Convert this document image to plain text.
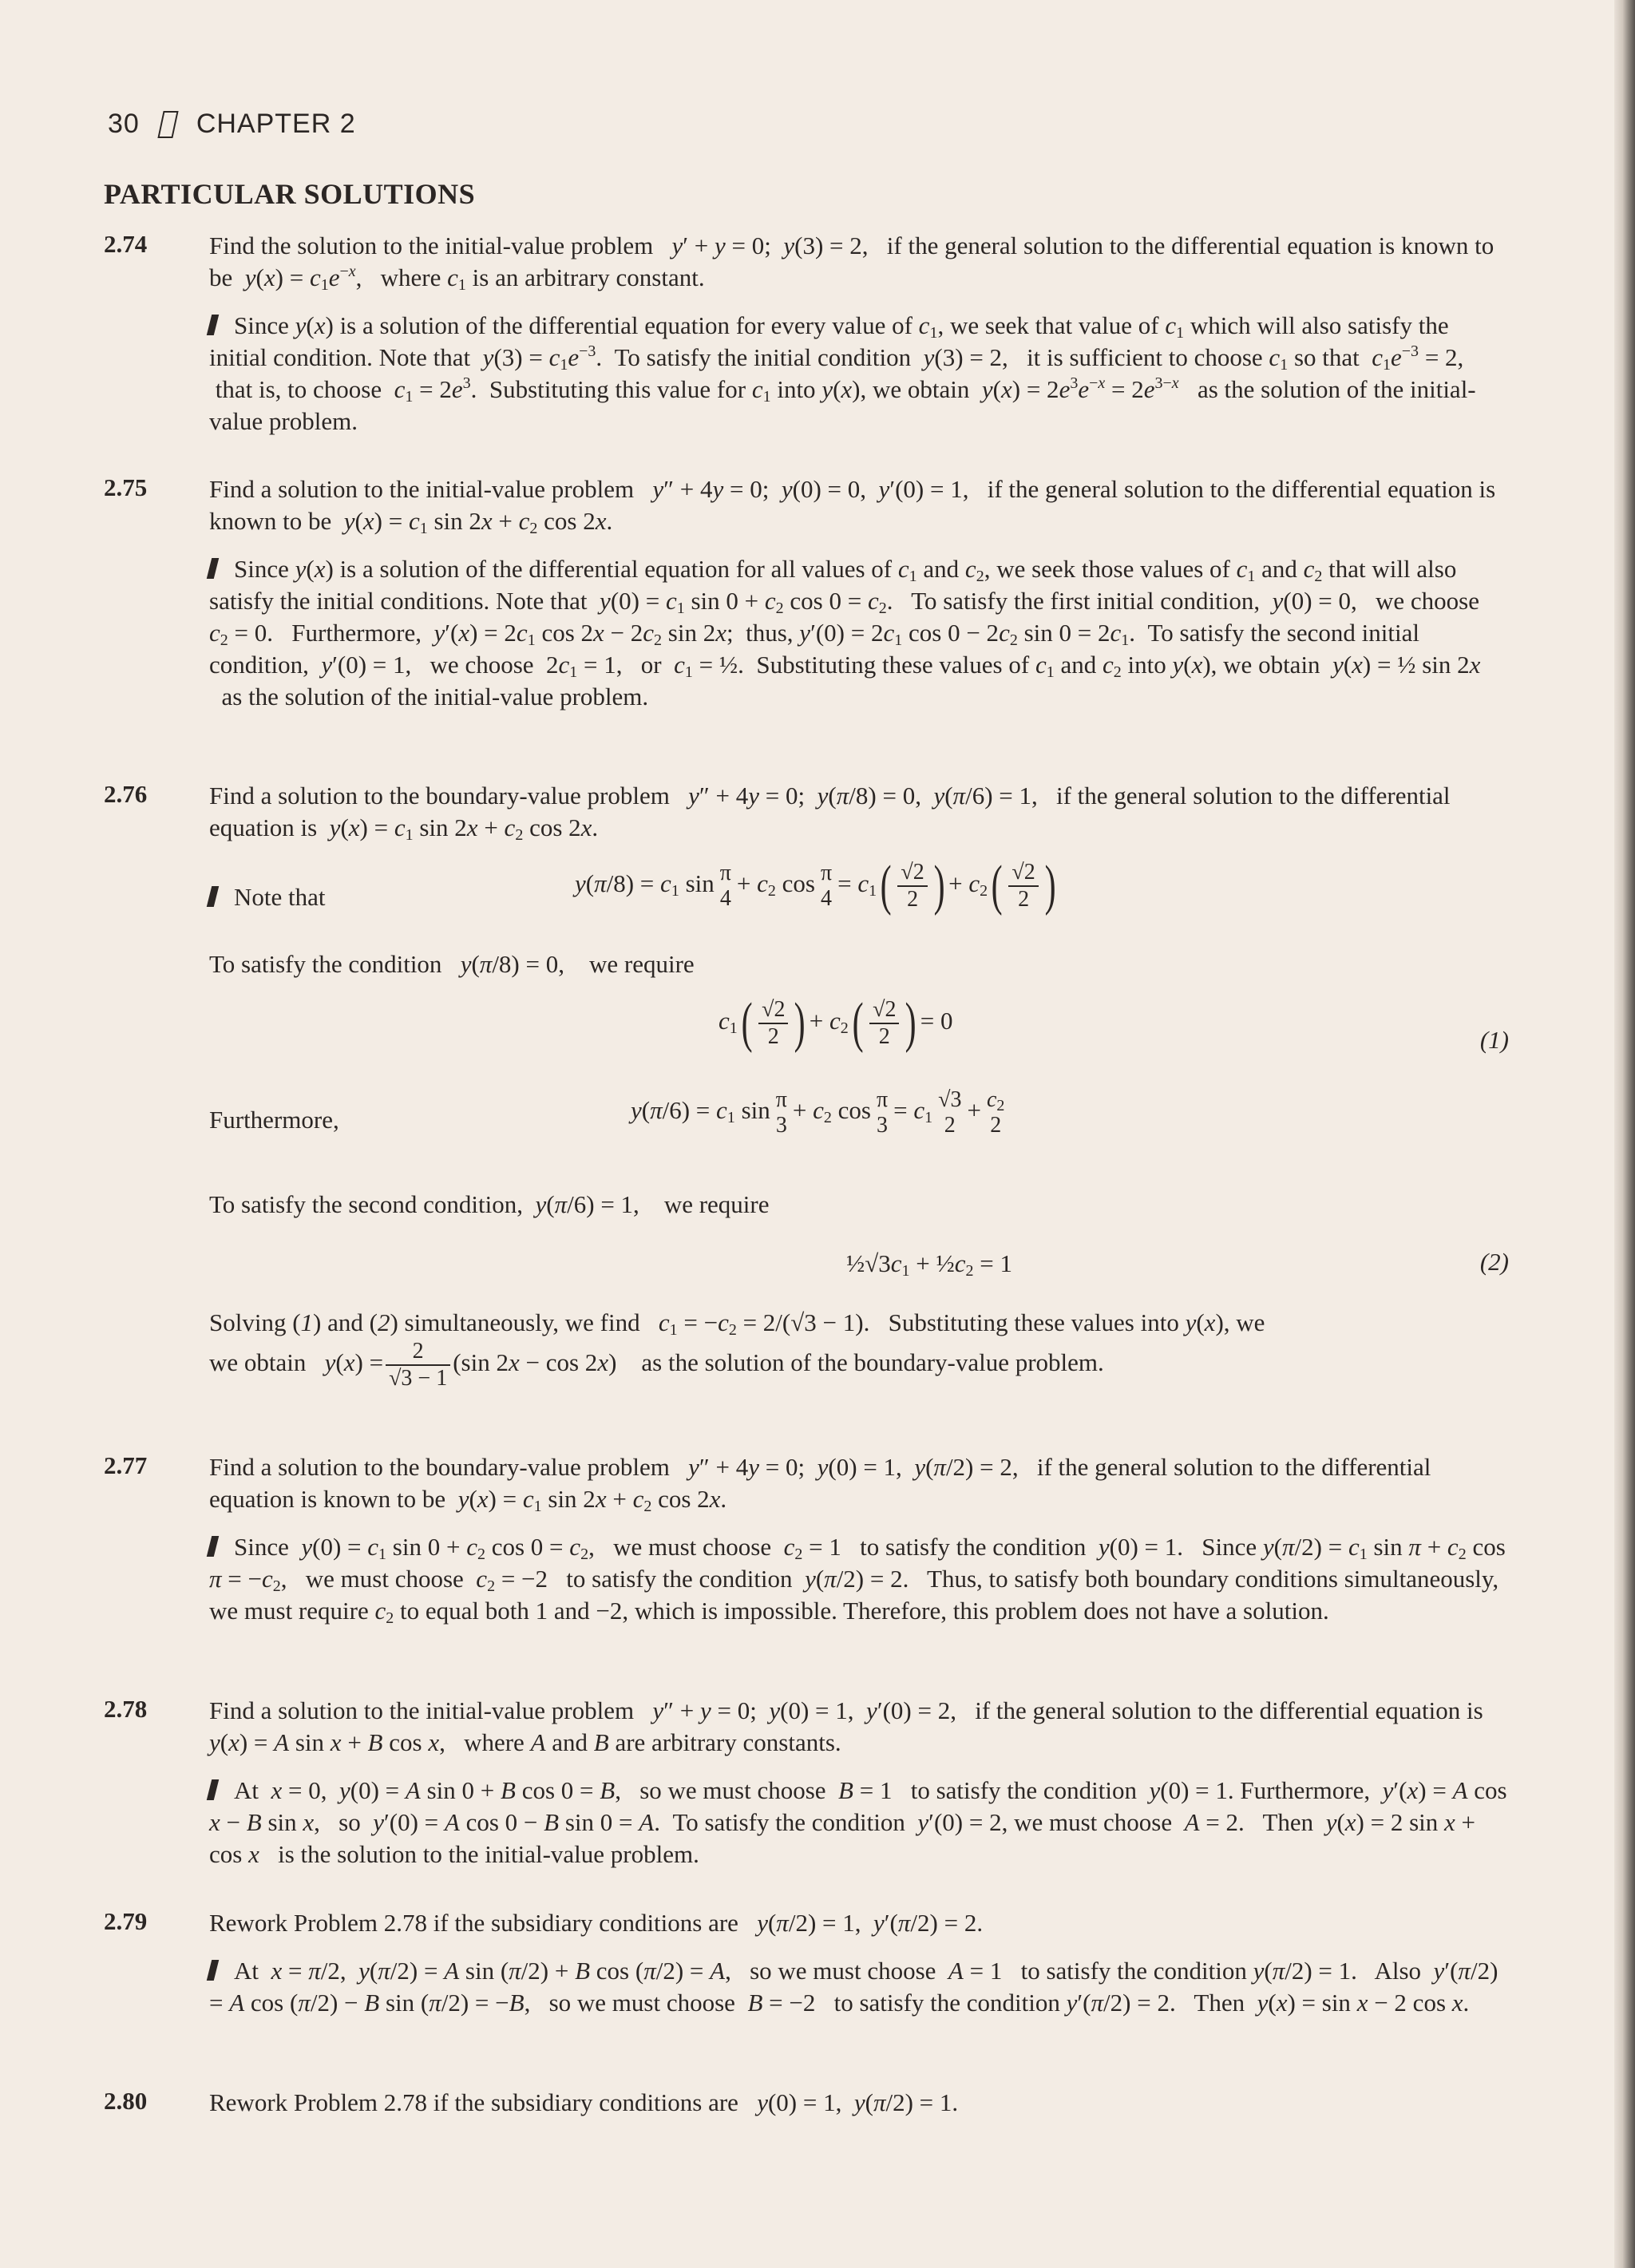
30 CHAPTER 2
PARTICULAR SOLUTIONS
2.74	Find the solution to the initial-value problem y′ + y = 0;  y(3) = 2,   if the general solution to the differential equation is known to be $y(x) = c_1e^{-x}$,   where $c_1$ is an arbitrary constant.

Since y(x) is a solution of the differential equation for every value of $c_1$, we seek that value of $c_1$ which will also satisfy the initial condition. Note that $y(3) = c_1e^{-3}$.  To satisfy the initial condition y(3) = 2,   it is sufficient to choose $c_1$ so that $c_1e^{-3} = 2$,  that is, to choose $c_1 = 2e^3$.  Substituting this value for $c_1$ into y(x), we obtain $y(x) = 2e^3e^{-x} = 2e^{3-x}$ as the solution of the initial-value problem.

2.75	Find a solution to the initial-value problem y″ + 4y = 0;  y(0) = 0,  y′(0) = 1,   if the general solution to the differential equation is known to be $y(x) = c_1$ $\sin 2x + c_2$ cos 2x.

Since y(x) is a solution of the differential equation for all values of $c_1$ and $c_2$, we seek those values of $c_1$ and $c_2$ that will also satisfy the initial conditions. Note that $y(0) = c_1$ $\sin 0 + c_2$ $\cos 0 = c_2$.   To satisfy the first initial condition, y(0) = 0,   we choose  $c_2 = 0$.   Furthermore, $y'(x) = 2c_1$ $\cos 2x - 2c_2$ sin 2x;  thus, $y'(0) = 2c_1$ $\cos 0 - 2c_2$ $\sin 0 = 2c_1$.  To satisfy the second initial condition, y′(0) = 1,   we choose  $2c_1 = 1$,   or $c_1$ = ½.  Substituting these values of $c_1$ and $c_2$ into y(x), we obtain y(x) = ½ sin 2x   as the solution of the initial-value problem.

2.76	Find a solution to the boundary-value problem y″ + 4y = 0;  y(π/8) = 0,  y(π/6) = 1,   if the general solution to the differential equation is $y(x) = c_1$ $\sin 2x + c_2$ cos 2x.

Note that	$y(\pi/8) = c_1$ sin π
4
+ $c_2$ cos π
4
= $c_1( \frac{√2}{2}$ ) + $c_2( \frac{√2}{2}$ )
To satisfy the condition y(π/8) = 0,    we require
$c_1( \frac{√2}{2}$ ) + $c_2( \frac{√2}{2}$ ) = 0
(1)
Furthermore,	$y(\pi/6) = c_1$ sin π
3
+ $c_2$ cos π
3
= $c_1$
√3
2
+ $c_2$
2
To satisfy the second condition, y(π/6) = 1,    we require
$\frac{1}{2}√3c_1$ + $\frac{1}{2}c_2 = 1$	(2)
Solving (1) and (2) simultaneously, we find $c_1 = -c_2 = 2/(√3 - 1)$.   Substituting these values into y(x), we
we obtain $y(x) = \frac{2}{√3 - 1} (\sin$ 2x − cos 2x)    as the solution of the boundary-value problem.
2.77	Find a solution to the boundary-value problem y″ + 4y = 0;  y(0) = 1,  y(π/2) = 2,   if the general solution to the differential equation is known to be $y(x) = c_1$ $\sin 2x + c_2$ cos 2x.

Since $y(0) = c_1$ $\sin 0 + c_2$ $\cos 0 = c_2$,   we must choose $c_2 = 1$   to satisfy the condition y(0) = 1.   Since $y(\pi/2) = c_1$ $\sin \pi + c_2$ $\cos \pi = -c_2$,   we must choose $c_2 = -2$   to satisfy the condition y(π/2) = 2.   Thus, to satisfy both boundary conditions simultaneously, we must require $c_2$ to equal both 1 and −2, which is impossible. Therefore, this problem does not have a solution.

2.78	Find a solution to the initial-value problem y″ + y = 0;  y(0) = 1,  y′(0) = 2,   if the general solution to the differential equation is y(x) = A sin x + B cos x,   where A and B are arbitrary constants.

At x = 0,  y(0) = A sin 0 + B cos 0 = B,   so we must choose B = 1   to satisfy the condition y(0) = 1. Furthermore, y′(x) = A cos x − B sin x,   so y′(0) = A cos 0 − B sin 0 = A.  To satisfy the condition y′(0) = 2, we must choose A = 2.   Then y(x) = 2 sin x + cos x is the solution to the initial-value problem.

2.79	Rework Problem 2.78 if the subsidiary conditions are y(π/2) = 1,  y′(π/2) = 2.

At x = π/2,  y(π/2) = A sin (π/2) + B cos (π/2) = A,   so we must choose A = 1   to satisfy the condition y(π/2) = 1.   Also y′(π/2) = A cos (π/2) − B sin (π/2) = −B,   so we must choose B = −2   to satisfy the condition y′(π/2) = 2.   Then y(x) = sin x − 2 cos x.

2.80	Rework Problem 2.78 if the subsidiary conditions are y(0) = 1,  y(π/2) = 1.
